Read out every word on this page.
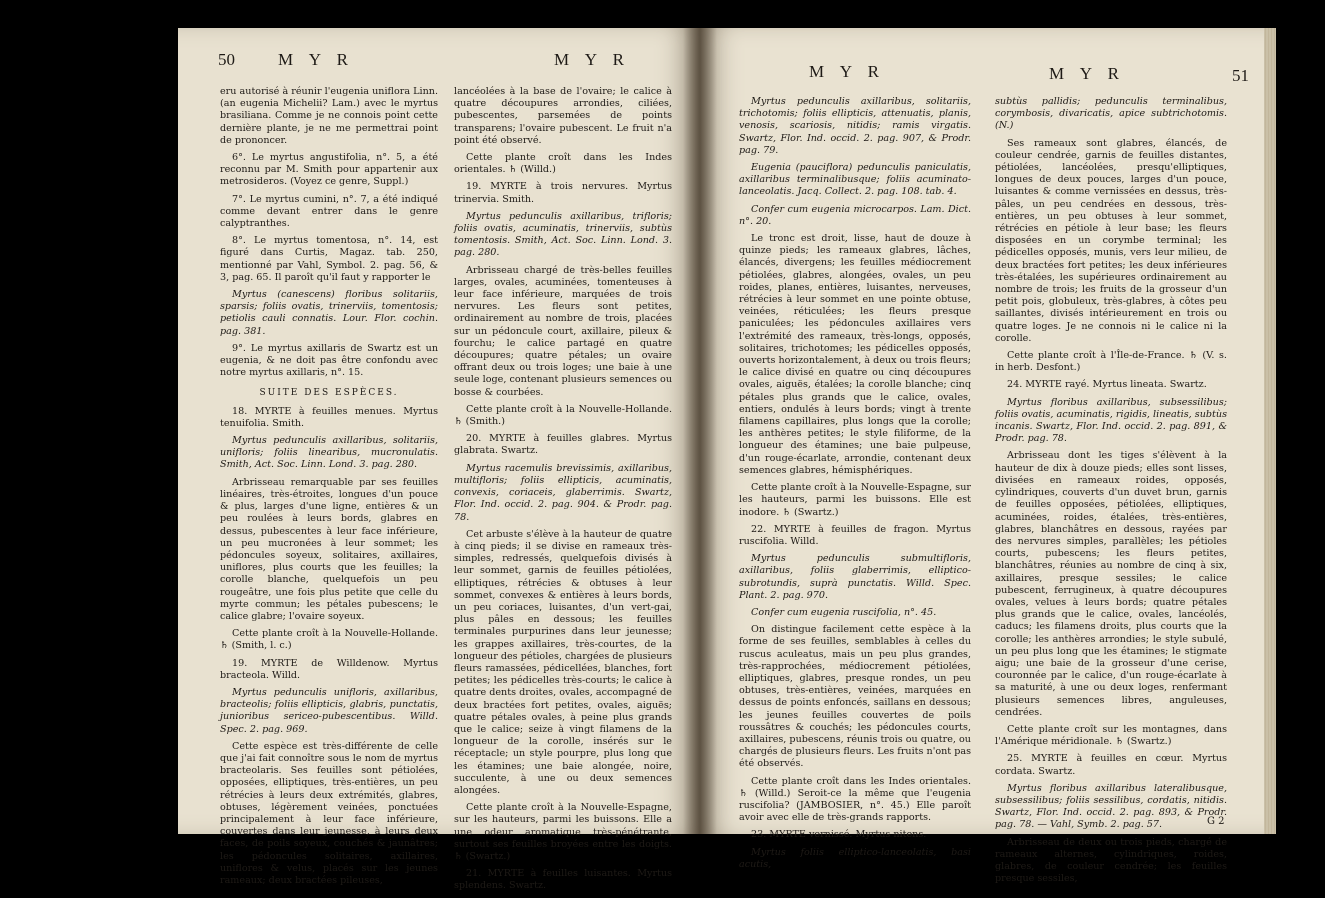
50	M Y R	M Y R

eru autorisé à réunir l'eugenia uniflora Linn. (an eugenia Michelii? Lam.) avec le myrtus brasiliana. Comme je ne connois point cette dernière plante, je ne me permettrai point de prononcer.

6°. Le myrtus angustifolia, n°. 5, a été reconnu par M. Smith pour appartenir aux metrosideros. (Voyez ce genre, Suppl.)

7°. Le myrtus cumini, n°. 7, a été indiqué comme devant entrer dans le genre calyptranthes.

8°. Le myrtus tomentosa, n°. 14, est figuré dans Curtis, Magaz. tab. 250, mentionné par Vahl, Symbol. 2. pag. 56, & 3, pag. 65. Il paroît qu'il faut y rapporter le

Myrtus (canescens) floribus solitariis, sparsis; foliis ovatis, trinerviis, tomentosis; petiolis cauli connatis. Lour. Flor. cochin. pag. 381.

9°. Le myrtus axillaris de Swartz est un eugenia, & ne doit pas être confondu avec notre myrtus axillaris, n°. 15.

SUITE DES ESPÈCES.

18. MYRTE à feuilles menues. Myrtus tenuifolia. Smith.

Myrtus pedunculis axillaribus, solitariis, unifloris; foliis linearibus, mucronulatis. Smith, Act. Soc. Linn. Lond. 3. pag. 280.

Arbrisseau remarquable par ses feuilles linéaires, très-étroites, longues d'un pouce & plus, larges d'une ligne, entières & un peu roulées à leurs bords, glabres en dessus, pubescentes à leur face inférieure, un peu mucronées à leur sommet; les pédoncules soyeux, solitaires, axillaires, uniflores, plus courts que les feuilles; la corolle blanche, quelquefois un peu rougeâtre, une fois plus petite que celle du myrte commun; les pétales pubescens; le calice glabre; l'ovaire soyeux.

Cette plante croît à la Nouvelle-Hollande. ♄ (Smith, l. c.)

19. MYRTE de Willdenow. Myrtus bracteola. Willd.

Myrtus pedunculis unifloris, axillaribus, bracteolis; foliis ellipticis, glabris, punctatis, junioribus sericeo-pubescentibus. Willd. Spec. 2. pag. 969.

Cette espèce est très-différente de celle que j'ai fait connoître sous le nom de myrtus bracteolaris. Ses feuilles sont pétiolées, opposées, elliptiques, très-entières, un peu rétrécies à leurs deux extrémités, glabres, obtuses, légèrement veinées, ponctuées principalement à leur face inférieure, couvertes dans leur jeunesse, à leurs deux faces, de poils soyeux, couchés & jaunâtres; les pédoncules solitaires, axillaires, uniflores & velus, placés sur les jeunes rameaux; deux bractées pileuses,

lancéolées à la base de l'ovaire; le calice à quatre découpures arrondies, ciliées, pubescentes, parsemées de points transparens; l'ovaire pubescent. Le fruit n'a point été observé.

Cette plante croît dans les Indes orientales. ♄ (Willd.)

19. MYRTE à trois nervures. Myrtus trinervia. Smith.

Myrtus pedunculis axillaribus, trifloris; foliis ovatis, acuminatis, trinerviis, subtùs tomentosis. Smith, Act. Soc. Linn. Lond. 3. pag. 280.

Arbrisseau chargé de très-belles feuilles larges, ovales, acuminées, tomenteuses à leur face inférieure, marquées de trois nervures. Les fleurs sont petites, ordinairement au nombre de trois, placées sur un pédoncule court, axillaire, pileux & fourchu; le calice partagé en quatre découpures; quatre pétales; un ovaire offrant deux ou trois loges; une baie à une seule loge, contenant plusieurs semences ou bosse & courbées.

Cette plante croît à la Nouvelle-Hollande. ♄ (Smith.)

20. MYRTE à feuilles glabres. Myrtus glabrata. Swartz.

Myrtus racemulis brevissimis, axillaribus, multifloris; foliis ellipticis, acuminatis, convexis, coriaceis, glaberrimis. Swartz, Flor. Ind. occid. 2. pag. 904. & Prodr. pag. 78.

Cet arbuste s'élève à la hauteur de quatre à cinq pieds; il se divise en rameaux très-simples, redressés, quelquefois divisés à leur sommet, garnis de feuilles pétiolées, elliptiques, rétrécies & obtuses à leur sommet, convexes & entières à leurs bords, un peu coriaces, luisantes, d'un vert-gai, plus pâles en dessous; les feuilles terminales purpurines dans leur jeunesse; les grappes axillaires, très-courtes, de la longueur des pétioles, chargées de plusieurs fleurs ramassées, pédicellées, blanches, fort petites; les pédicelles très-courts; le calice à quatre dents droites, ovales, accompagné de deux bractées fort petites, ovales, aiguës; quatre pétales ovales, à peine plus grands que le calice; seize à vingt filamens de la longueur de la corolle, insérés sur le réceptacle; un style pourpre, plus long que les étamines; une baie alongée, noire, succulente, à une ou deux semences alongées.

Cette plante croît à la Nouvelle-Espagne, sur les hauteurs, parmi les buissons. Elle a une odeur aromatique très-pénétrante, surtout ses feuilles broyées entre les doigts. ♄ (Swartz.)

21. MYRTE à feuilles luisantes. Myrtus splendens. Swartz.

M Y R	M Y R	51

Myrtus pedunculis axillaribus, solitariis, trichotomis; foliis ellipticis, attenuatis, planis, venosis, scariosis, nitidis; ramis virgatis. Swartz, Flor. Ind. occid. 2. pag. 907, & Prodr. pag. 79.

Eugenia (pauciflora) pedunculis paniculatis, axillaribus terminalibusque; foliis acuminato-lanceolatis. Jacq. Collect. 2. pag. 108. tab. 4.

Confer cum eugenia microcarpos. Lam. Dict. n°. 20.

Le tronc est droit, lisse, haut de douze à quinze pieds; les rameaux glabres, lâches, élancés, divergens; les feuilles médiocrement pétiolées, glabres, alongées, ovales, un peu roides, planes, entières, luisantes, nerveuses, rétrécies à leur sommet en une pointe obtuse, veinées, réticulées; les fleurs presque paniculées; les pédoncules axillaires vers l'extrémité des rameaux, très-longs, opposés, solitaires, trichotomes; les pédicelles opposés, ouverts horizontalement, à deux ou trois fleurs; le calice divisé en quatre ou cinq découpures ovales, aiguës, étalées; la corolle blanche; cinq pétales plus grands que le calice, ovales, entiers, ondulés à leurs bords; vingt à trente filamens capillaires, plus longs que la corolle; les anthères petites; le style filiforme, de la longueur des étamines; une baie pulpeuse, d'un rouge-écarlate, arrondie, contenant deux semences glabres, hémisphériques.

Cette plante croît à la Nouvelle-Espagne, sur les hauteurs, parmi les buissons. Elle est inodore. ♄ (Swartz.)

22. MYRTE à feuilles de fragon. Myrtus ruscifolia. Willd.

Myrtus pedunculis submultifloris, axillaribus, foliis glaberrimis, elliptico-subrotundis, suprà punctatis. Willd. Spec. Plant. 2. pag. 970.

Confer cum eugenia ruscifolia, n°. 45.

On distingue facilement cette espèce à la forme de ses feuilles, semblables à celles du ruscus aculeatus, mais un peu plus grandes, très-rapprochées, médiocrement pétiolées, elliptiques, glabres, presque rondes, un peu obtuses, très-entières, veinées, marquées en dessus de points enfoncés, saillans en dessous; les jeunes feuilles couvertes de poils roussâtres & couchés; les pédoncules courts, axillaires, pubescens, réunis trois ou quatre, ou chargés de plusieurs fleurs. Les fruits n'ont pas été observés.

Cette plante croît dans les Indes orientales. ♄ (Willd.) Seroit-ce la même que l'eugenia ruscifolia? (JAMBOSIER, n°. 45.) Elle paroît avoir avec elle de très-grands rapports.

23. MYRTE vernissé. Myrtus nitens.

Myrtus foliis elliptico-lanceolatis, basi acutis,

subtùs pallidis; pedunculis terminalibus, corymbosis, divaricatis, apice subtrichotomis. (N.)

Ses rameaux sont glabres, élancés, de couleur cendrée, garnis de feuilles distantes, pétiolées, lancéolées, presqu'elliptiques, longues de deux pouces, larges d'un pouce, luisantes & comme vernissées en dessus, très-pâles, un peu cendrées en dessous, très-entières, un peu obtuses à leur sommet, rétrécies en pétiole à leur base; les fleurs disposées en un corymbe terminal; les pédicelles opposés, munis, vers leur milieu, de deux bractées fort petites; les deux inférieures très-étalées, les supérieures ordinairement au nombre de trois; les fruits de la grosseur d'un petit pois, globuleux, très-glabres, à côtes peu saillantes, divisés intérieurement en trois ou quatre loges. Je ne connois ni le calice ni la corolle.

Cette plante croît à l'Île-de-France. ♄ (V. s. in herb. Desfont.)

24. MYRTE rayé. Myrtus lineata. Swartz.

Myrtus floribus axillaribus, subsessilibus; foliis ovatis, acuminatis, rigidis, lineatis, subtùs incanis. Swartz, Flor. Ind. occid. 2. pag. 891, & Prodr. pag. 78.

Arbrisseau dont les tiges s'élèvent à la hauteur de dix à douze pieds; elles sont lisses, divisées en rameaux roides, opposés, cylindriques, couverts d'un duvet brun, garnis de feuilles opposées, pétiolées, elliptiques, acuminées, roides, étalées, très-entières, glabres, blanchâtres en dessous, rayées par des nervures simples, parallèles; les pétioles courts, pubescens; les fleurs petites, blanchâtres, réunies au nombre de cinq à six, axillaires, presque sessiles; le calice pubescent, ferrugineux, à quatre découpures ovales, velues à leurs bords; quatre pétales plus grands que le calice, ovales, lancéolés, caducs; les filamens droits, plus courts que la corolle; les anthères arrondies; le style subulé, un peu plus long que les étamines; le stigmate aigu; une baie de la grosseur d'une cerise, couronnée par le calice, d'un rouge-écarlate à sa maturité, à une ou deux loges, renfermant plusieurs semences libres, anguleuses, cendrées.

Cette plante croît sur les montagnes, dans l'Amérique méridionale. ♄ (Swartz.)

25. MYRTE à feuilles en cœur. Myrtus cordata. Swartz.

Myrtus floribus axillaribus lateralibusque, subsessilibus; foliis sessilibus, cordatis, nitidis. Swartz, Flor. Ind. occid. 2. pag. 893, & Prodr. pag. 78. — Vahl, Symb. 2. pag. 57.

Arbrisseau de deux ou trois pieds, chargé de rameaux alternes, cylindriques, roides, glabres, de couleur cendrée; les feuilles presque sessiles,

G 2
